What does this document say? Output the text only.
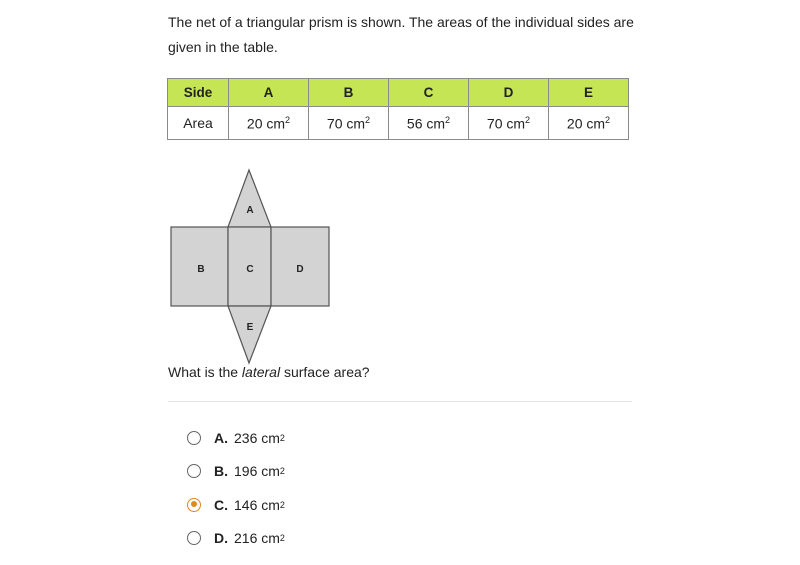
The net of a triangular prism is shown. The areas of the individual sides are
given in the table.

Side	A	B	C	D	E
Area	20 $cm^2$	70 $cm^2$	56 $cm^2$	70 $cm^2$	20 $cm^2$
A
B	C	D
E

What is the lateral surface area?

A. 236 cm 2
B. 196 cm 2
C. 146 cm 2
D. 216 cm 2
